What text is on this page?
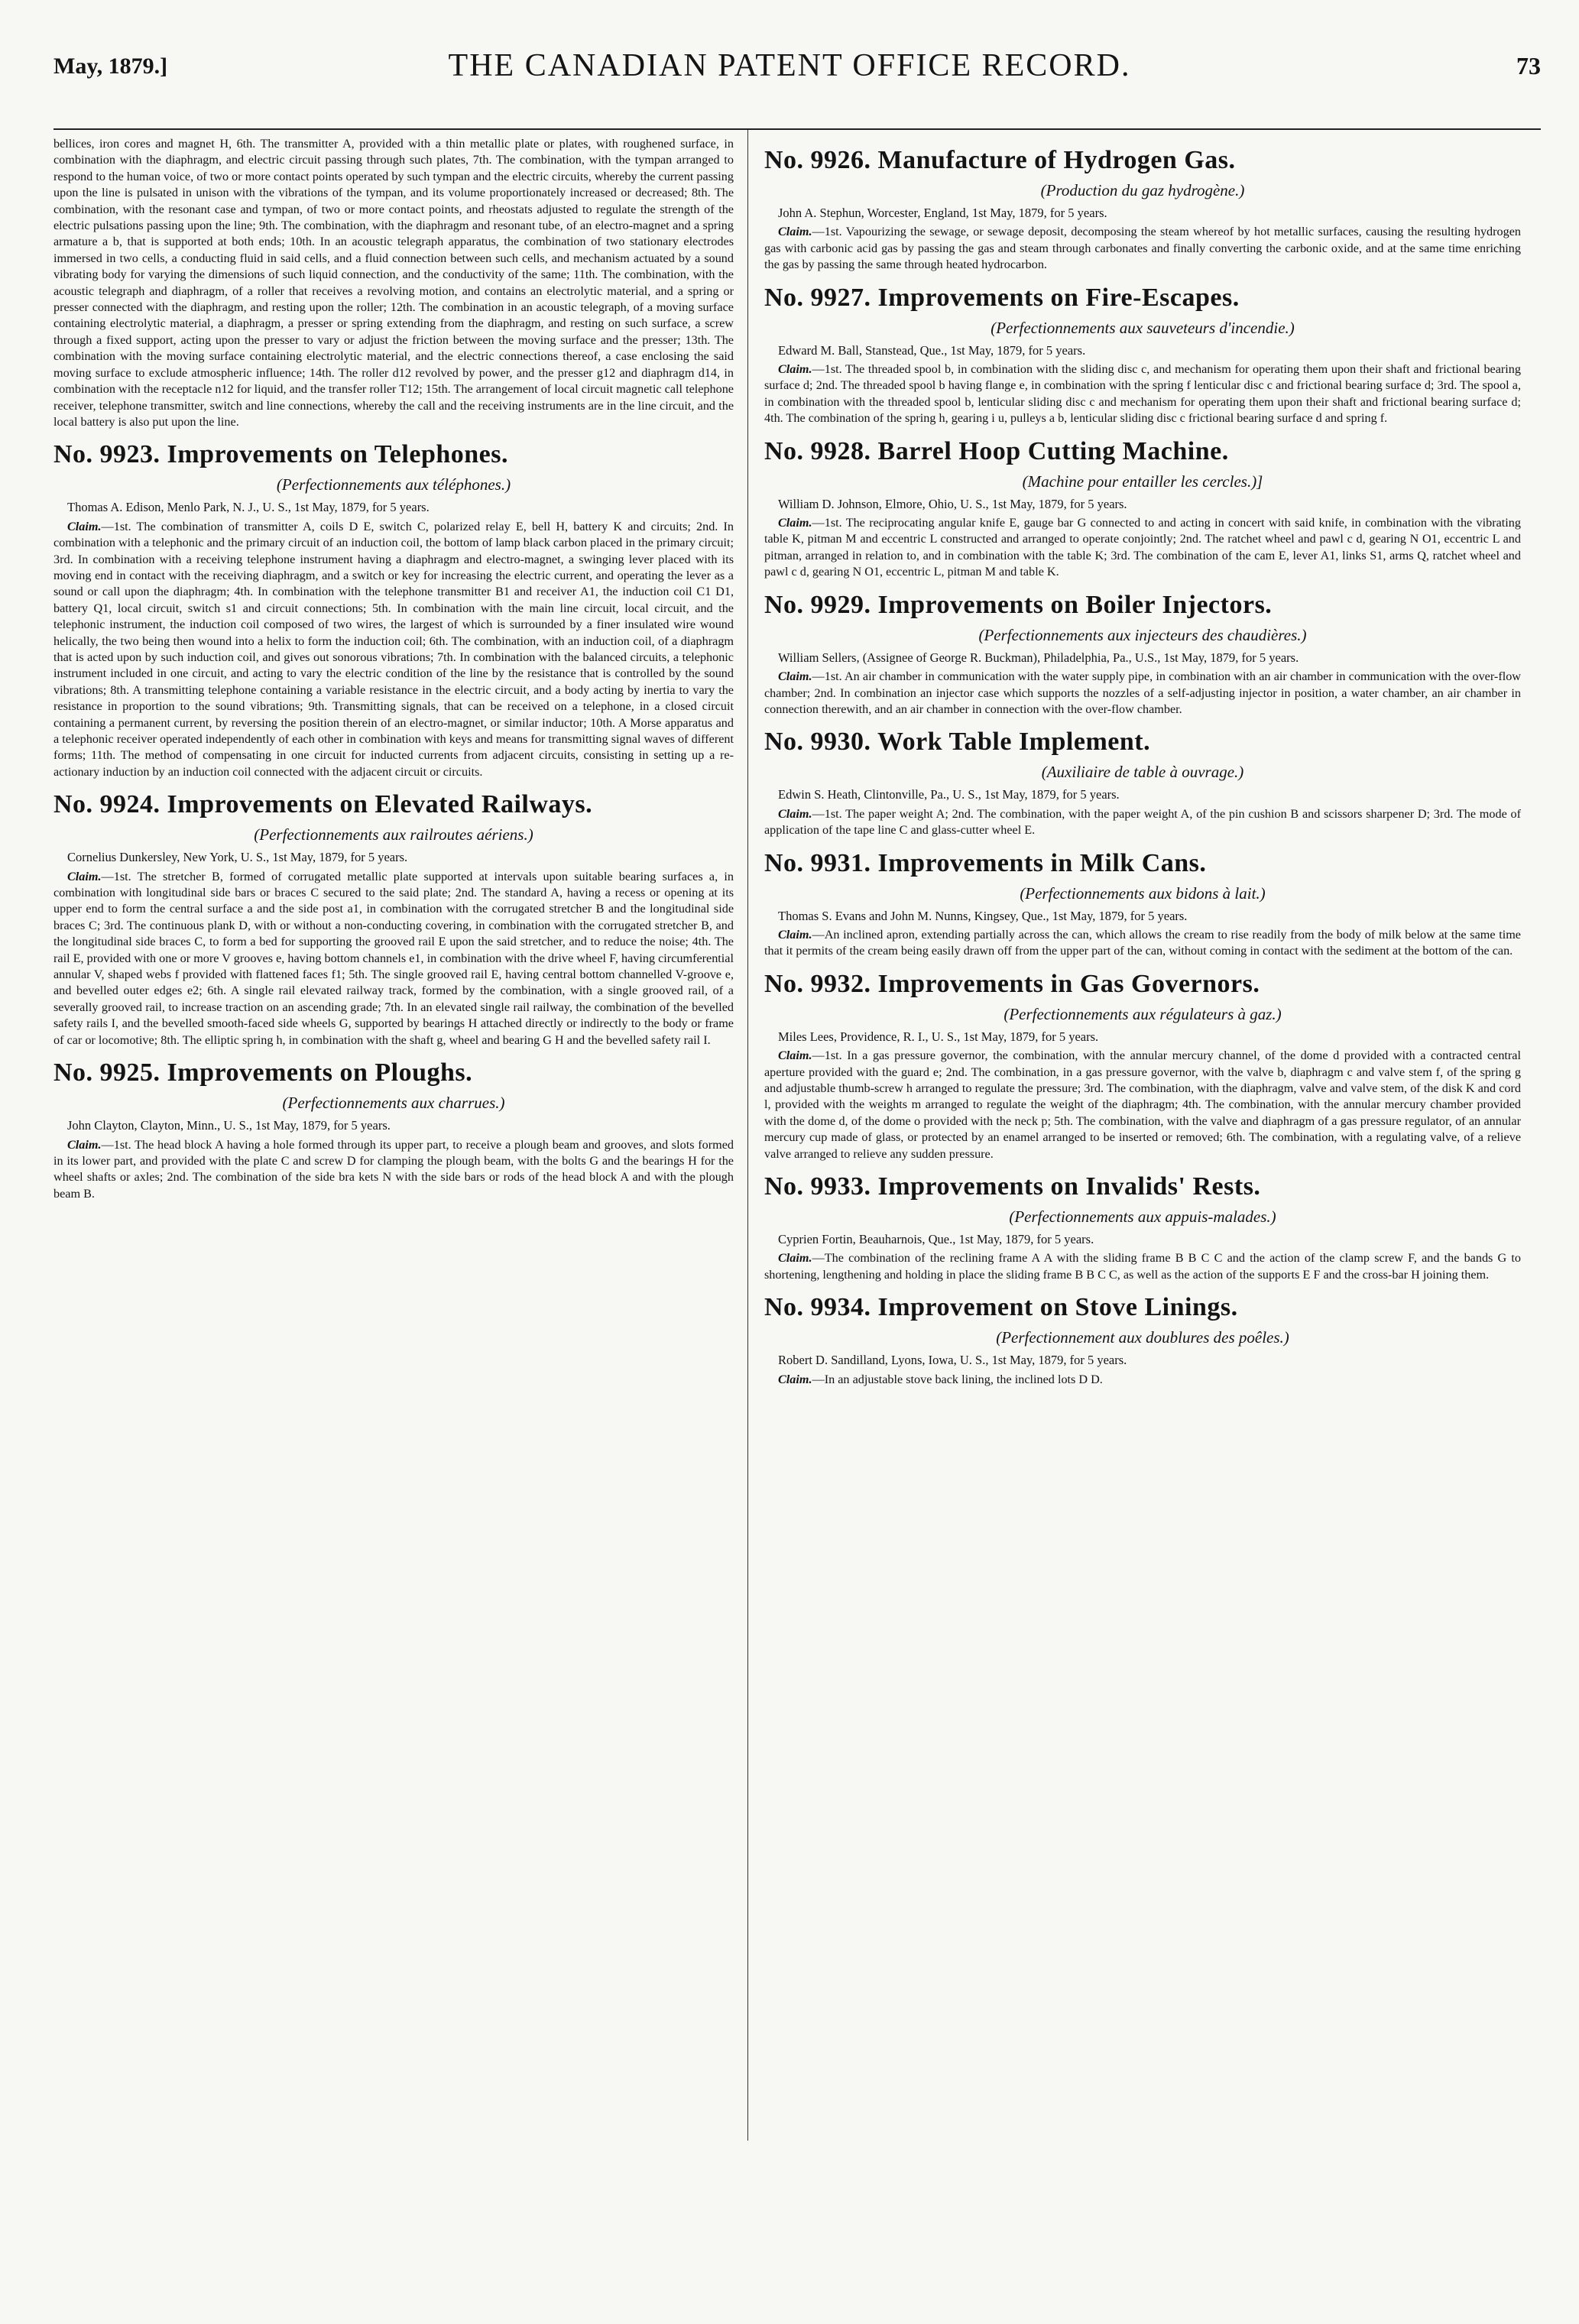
May, 1879.]	THE CANADIAN PATENT OFFICE RECORD.	73

bellices, iron cores and magnet H, 6th. The transmitter A, provided with a thin metallic plate or plates, with roughened surface, in combination with the diaphragm, and electric circuit passing through such plates, 7th. The combination, with the tympan arranged to respond to the human voice, of two or more contact points operated by such tympan and the electric circuits, whereby the current passing upon the line is pulsated in unison with the vibrations of the tympan, and its volume proportionately increased or decreased; 8th. The combination, with the resonant case and tympan, of two or more contact points, and rheostats adjusted to regulate the strength of the electric pulsations passing upon the line; 9th. The combination, with the diaphragm and resonant tube, of an electro-magnet and a spring armature a b, that is supported at both ends; 10th. In an acoustic telegraph apparatus, the combination of two stationary electrodes immersed in two cells, a conducting fluid in said cells, and a fluid connection between such cells, and mechanism actuated by a sound vibrating body for varying the dimensions of such liquid connection, and the conductivity of the same; 11th. The combination, with the acoustic telegraph and diaphragm, of a roller that receives a revolving motion, and contains an electrolytic material, and a spring or presser connected with the diaphragm, and resting upon the roller; 12th. The combination in an acoustic telegraph, of a moving surface containing electrolytic material, a diaphragm, a presser or spring extending from the diaphragm, and resting on such surface, a screw through a fixed support, acting upon the presser to vary or adjust the friction between the moving surface and the presser; 13th. The combination with the moving surface containing electrolytic material, and the electric connections thereof, a case enclosing the said moving surface to exclude atmospheric influence; 14th. The roller d12 revolved by power, and the presser g12 and diaphragm d14, in combination with the receptacle n12 for liquid, and the transfer roller T12; 15th. The arrangement of local circuit magnetic call telephone receiver, telephone transmitter, switch and line connections, whereby the call and the receiving instruments are in the line circuit, and the local battery is also put upon the line.

No. 9923. Improvements on Telephones.
(Perfectionnements aux téléphones.)

Thomas A. Edison, Menlo Park, N. J., U. S., 1st May, 1879, for 5 years.

Claim.—1st. The combination of transmitter A, coils D E, switch C, polarized relay E, bell H, battery K and circuits; 2nd. In combination with a telephonic and the primary circuit of an induction coil, the bottom of lamp black carbon placed in the primary circuit; 3rd. In combination with a receiving telephone instrument having a diaphragm and electro-magnet, a swinging lever placed with its moving end in contact with the receiving diaphragm, and a switch or key for increasing the electric current, and operating the lever as a sound or call upon the diaphragm; 4th. In combination with the telephone transmitter B1 and receiver A1, the induction coil C1 D1, battery Q1, local circuit, switch s1 and circuit connections; 5th. In combination with the main line circuit, local circuit, and the telephonic instrument, the induction coil composed of two wires, the largest of which is surrounded by a finer insulated wire wound helically, the two being then wound into a helix to form the induction coil; 6th. The combination, with an induction coil, of a diaphragm that is acted upon by such induction coil, and gives out sonorous vibrations; 7th. In combination with the balanced circuits, a telephonic instrument included in one circuit, and acting to vary the electric condition of the line by the resistance that is controlled by the sound vibrations; 8th. A transmitting telephone containing a variable resistance in the electric circuit, and a body acting by inertia to vary the resistance in proportion to the sound vibrations; 9th. Transmitting signals, that can be received on a telephone, in a closed circuit containing a permanent current, by reversing the position therein of an electro-magnet, or similar inductor; 10th. A Morse apparatus and a telephonic receiver operated independently of each other in combination with keys and means for transmitting signal waves of different forms; 11th. The method of compensating in one circuit for inducted currents from adjacent circuits, consisting in setting up a re-actionary induction by an induction coil connected with the adjacent circuit or circuits.

No. 9924. Improvements on Elevated Railways.
(Perfectionnements aux railroutes aériens.)

Cornelius Dunkersley, New York, U. S., 1st May, 1879, for 5 years.

Claim.—1st. The stretcher B, formed of corrugated metallic plate supported at intervals upon suitable bearing surfaces a, in combination with longitudinal side bars or braces C secured to the said plate; 2nd. The standard A, having a recess or opening at its upper end to form the central surface a and the side post a1, in combination with the corrugated stretcher B and the longitudinal side braces C; 3rd. The continuous plank D, with or without a non-conducting covering, in combination with the corrugated stretcher B, and the longitudinal side braces C, to form a bed for supporting the grooved rail E upon the said stretcher, and to reduce the noise; 4th. The rail E, provided with one or more V grooves e, having bottom channels e1, in combination with the drive wheel F, having circumferential annular V, shaped webs f provided with flattened faces f1; 5th. The single grooved rail E, having central bottom channelled V-groove e, and bevelled outer edges e2; 6th. A single rail elevated railway track, formed by the combination, with a single grooved rail, of a severally grooved rail, to increase traction on an ascending grade; 7th. In an elevated single rail railway, the combination of the bevelled safety rails I, and the bevelled smooth-faced side wheels G, supported by bearings H attached directly or indirectly to the body or frame of car or locomotive; 8th. The elliptic spring h, in combination with the shaft g, wheel and bearing G H and the bevelled safety rail I.

No. 9925. Improvements on Ploughs.
(Perfectionnements aux charrues.)

John Clayton, Clayton, Minn., U. S., 1st May, 1879, for 5 years.

Claim.—1st. The head block A having a hole formed through its upper part, to receive a plough beam and grooves, and slots formed in its lower part, and provided with the plate C and screw D for clamping the plough beam, with the bolts G and the bearings H for the wheel shafts or axles; 2nd. The combination of the side bra kets N with the side bars or rods of the head block A and with the plough beam B.

No. 9926. Manufacture of Hydrogen Gas.
(Production du gaz hydrogène.)

John A. Stephun, Worcester, England, 1st May, 1879, for 5 years.

Claim.—1st. Vapourizing the sewage, or sewage deposit, decomposing the steam whereof by hot metallic surfaces, causing the resulting hydrogen gas with carbonic acid gas by passing the gas and steam through carbonates and finally converting the carbonic oxide, and at the same time enriching the gas by passing the same through heated hydrocarbon.

No. 9927. Improvements on Fire-Escapes.
(Perfectionnements aux sauveteurs d'incendie.)

Edward M. Ball, Stanstead, Que., 1st May, 1879, for 5 years.

Claim.—1st. The threaded spool b, in combination with the sliding disc c, and mechanism for operating them upon their shaft and frictional bearing surface d; 2nd. The threaded spool b having flange e, in combination with the spring f lenticular disc c and frictional bearing surface d; 3rd. The spool a, in combination with the threaded spool b, lenticular sliding disc c and mechanism for operating them upon their shaft and frictional bearing surface d; 4th. The combination of the spring h, gearing i u, pulleys a b, lenticular sliding disc c frictional bearing surface d and spring f.

No. 9928. Barrel Hoop Cutting Machine.
(Machine pour entailler les cercles.)]

William D. Johnson, Elmore, Ohio, U. S., 1st May, 1879, for 5 years.

Claim.—1st. The reciprocating angular knife E, gauge bar G connected to and acting in concert with said knife, in combination with the vibrating table K, pitman M and eccentric L constructed and arranged to operate conjointly; 2nd. The ratchet wheel and pawl c d, gearing N O1, eccentric L and pitman, arranged in relation to, and in combination with the table K; 3rd. The combination of the cam E, lever A1, links S1, arms Q, ratchet wheel and pawl c d, gearing N O1, eccentric L, pitman M and table K.

No. 9929. Improvements on Boiler Injectors.
(Perfectionnements aux injecteurs des chaudières.)

William Sellers, (Assignee of George R. Buckman), Philadelphia, Pa., U.S., 1st May, 1879, for 5 years.

Claim.—1st. An air chamber in communication with the water supply pipe, in combination with an air chamber in communication with the over-flow chamber; 2nd. In combination an injector case which supports the nozzles of a self-adjusting injector in position, a water chamber, an air chamber in connection therewith, and an air chamber in connection with the over-flow chamber.

No. 9930. Work Table Implement.
(Auxiliaire de table à ouvrage.)

Edwin S. Heath, Clintonville, Pa., U. S., 1st May, 1879, for 5 years.

Claim.—1st. The paper weight A; 2nd. The combination, with the paper weight A, of the pin cushion B and scissors sharpener D; 3rd. The mode of application of the tape line C and glass-cutter wheel E.

No. 9931. Improvements in Milk Cans.
(Perfectionnements aux bidons à lait.)

Thomas S. Evans and John M. Nunns, Kingsey, Que., 1st May, 1879, for 5 years.

Claim.—An inclined apron, extending partially across the can, which allows the cream to rise readily from the body of milk below at the same time that it permits of the cream being easily drawn off from the upper part of the can, without coming in contact with the sediment at the bottom of the can.

No. 9932. Improvements in Gas Governors.
(Perfectionnements aux régulateurs à gaz.)

Miles Lees, Providence, R. I., U. S., 1st May, 1879, for 5 years.

Claim.—1st. In a gas pressure governor, the combination, with the annular mercury channel, of the dome d provided with a contracted central aperture provided with the guard e; 2nd. The combination, in a gas pressure governor, with the valve b, diaphragm c and valve stem f, of the spring g and adjustable thumb-screw h arranged to regulate the pressure; 3rd. The combination, with the diaphragm, valve and valve stem, of the disk K and cord l, provided with the weights m arranged to regulate the weight of the diaphragm; 4th. The combination, with the annular mercury chamber provided with the dome d, of the dome o provided with the neck p; 5th. The combination, with the valve and diaphragm of a gas pressure regulator, of an annular mercury cup made of glass, or protected by an enamel arranged to be inserted or removed; 6th. The combination, with a regulating valve, of a relieve valve arranged to relieve any sudden pressure.

No. 9933. Improvements on Invalids' Rests.
(Perfectionnements aux appuis-malades.)

Cyprien Fortin, Beauharnois, Que., 1st May, 1879, for 5 years.

Claim.—The combination of the reclining frame A A with the sliding frame B B C C and the action of the clamp screw F, and the bands G to shortening, lengthening and holding in place the sliding frame B B C C, as well as the action of the supports E F and the cross-bar H joining them.

No. 9934. Improvement on Stove Linings.
(Perfectionnement aux doublures des poêles.)

Robert D. Sandilland, Lyons, Iowa, U. S., 1st May, 1879, for 5 years.

Claim.—In an adjustable stove back lining, the inclined lots D D.
